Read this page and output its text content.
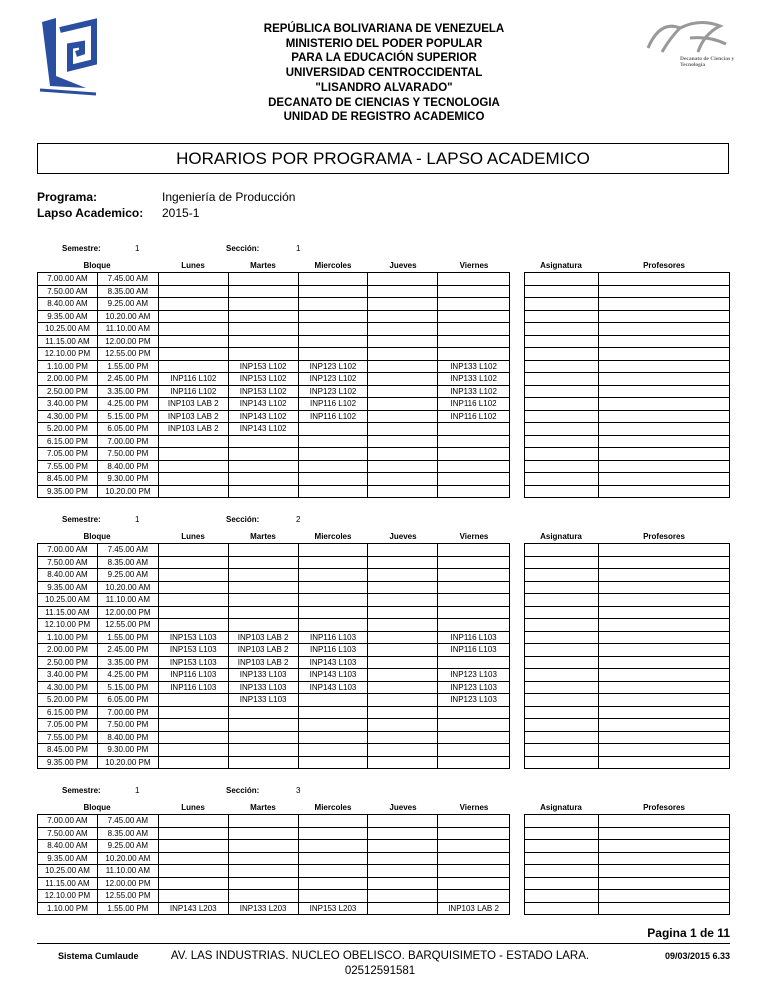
Decanato de Ciencias y Tecnología
REPÚBLICA BOLIVARIANA DE VENEZUELA
MINISTERIO DEL PODER POPULAR
PARA LA EDUCACIÓN SUPERIOR
UNIVERSIDAD CENTROCCIDENTAL
"LISANDRO ALVARADO"
DECANATO DE CIENCIAS Y TECNOLOGIA
UNIDAD DE REGISTRO ACADEMICO
HORARIOS POR PROGRAMA - LAPSO ACADEMICO
Programa:	Ingeniería de Producción
Lapso Academico: 2015-1
Semestre:	1	Sección:	1
Bloque	Lunes	Martes	Miercoles	Jueves	Viernes	Asignatura	Profesores
7.00.00 AM	7.45.00 AM					
7.50.00 AM	8.35.00 AM					
8.40.00 AM	9.25.00 AM					
9.35.00 AM	10.20.00 AM					
10.25.00 AM	11.10.00 AM					
11.15.00 AM	12.00.00 PM					
12.10.00 PM	12.55.00 PM					
1.10.00 PM	1.55.00 PM		INP153 L102	INP123 L102		INP133 L102
2.00.00 PM	2.45.00 PM	INP116 L102	INP153 L102	INP123 L102		INP133 L102
2.50.00 PM	3.35.00 PM	INP116 L102	INP153 L102	INP123 L102		INP133 L102
3.40.00 PM	4.25.00 PM	INP103 LAB 2	INP143 L102	INP116 L102		INP116 L102
4.30.00 PM	5.15.00 PM	INP103 LAB 2	INP143 L102	INP116 L102		INP116 L102
5.20.00 PM	6.05.00 PM	INP103 LAB 2	INP143 L102			
6.15.00 PM	7.00.00 PM					
7.05.00 PM	7.50.00 PM					
7.55.00 PM	8.40.00 PM					
8.45.00 PM	9.30.00 PM					
9.35.00 PM	10.20.00 PM					

Semestre:	1	Sección:	2
Bloque	Lunes	Martes	Miercoles	Jueves	Viernes	Asignatura	Profesores
7.00.00 AM	7.45.00 AM					
7.50.00 AM	8.35.00 AM					
8.40.00 AM	9.25.00 AM					
9.35.00 AM	10.20.00 AM					
10.25.00 AM	11.10.00 AM					
11.15.00 AM	12.00.00 PM					
12.10.00 PM	12.55.00 PM					
1.10.00 PM	1.55.00 PM	INP153 L103	INP103 LAB 2	INP116 L103		INP116 L103
2.00.00 PM	2.45.00 PM	INP153 L103	INP103 LAB 2	INP116 L103		INP116 L103
2.50.00 PM	3.35.00 PM	INP153 L103	INP103 LAB 2	INP143 L103		
3.40.00 PM	4.25.00 PM	INP116 L103	INP133 L103	INP143 L103		INP123 L103
4.30.00 PM	5.15.00 PM	INP116 L103	INP133 L103	INP143 L103		INP123 L103
5.20.00 PM	6.05.00 PM		INP133 L103			INP123 L103
6.15.00 PM	7.00.00 PM					
7.05.00 PM	7.50.00 PM					
7.55.00 PM	8.40.00 PM					
8.45.00 PM	9.30.00 PM					
9.35.00 PM	10.20.00 PM					

Semestre:	1	Sección:	3
Bloque	Lunes	Martes	Miercoles	Jueves	Viernes	Asignatura	Profesores
7.00.00 AM	7.45.00 AM					
7.50.00 AM	8.35.00 AM					
8.40.00 AM	9.25.00 AM					
9.35.00 AM	10.20.00 AM					
10.25.00 AM	11.10.00 AM					
11.15.00 AM	12.00.00 PM					
12.10.00 PM	12.55.00 PM					
1.10.00 PM	1.55.00 PM	INP143 L203	INP133 L203	INP153 L203		INP103 LAB 2

Pagina 1 de 11
Sistema Cumlaude	AV. LAS INDUSTRIAS. NUCLEO OBELISCO. BARQUISIMETO - ESTADO LARA.
02512591581
09/03/2015 6.33
